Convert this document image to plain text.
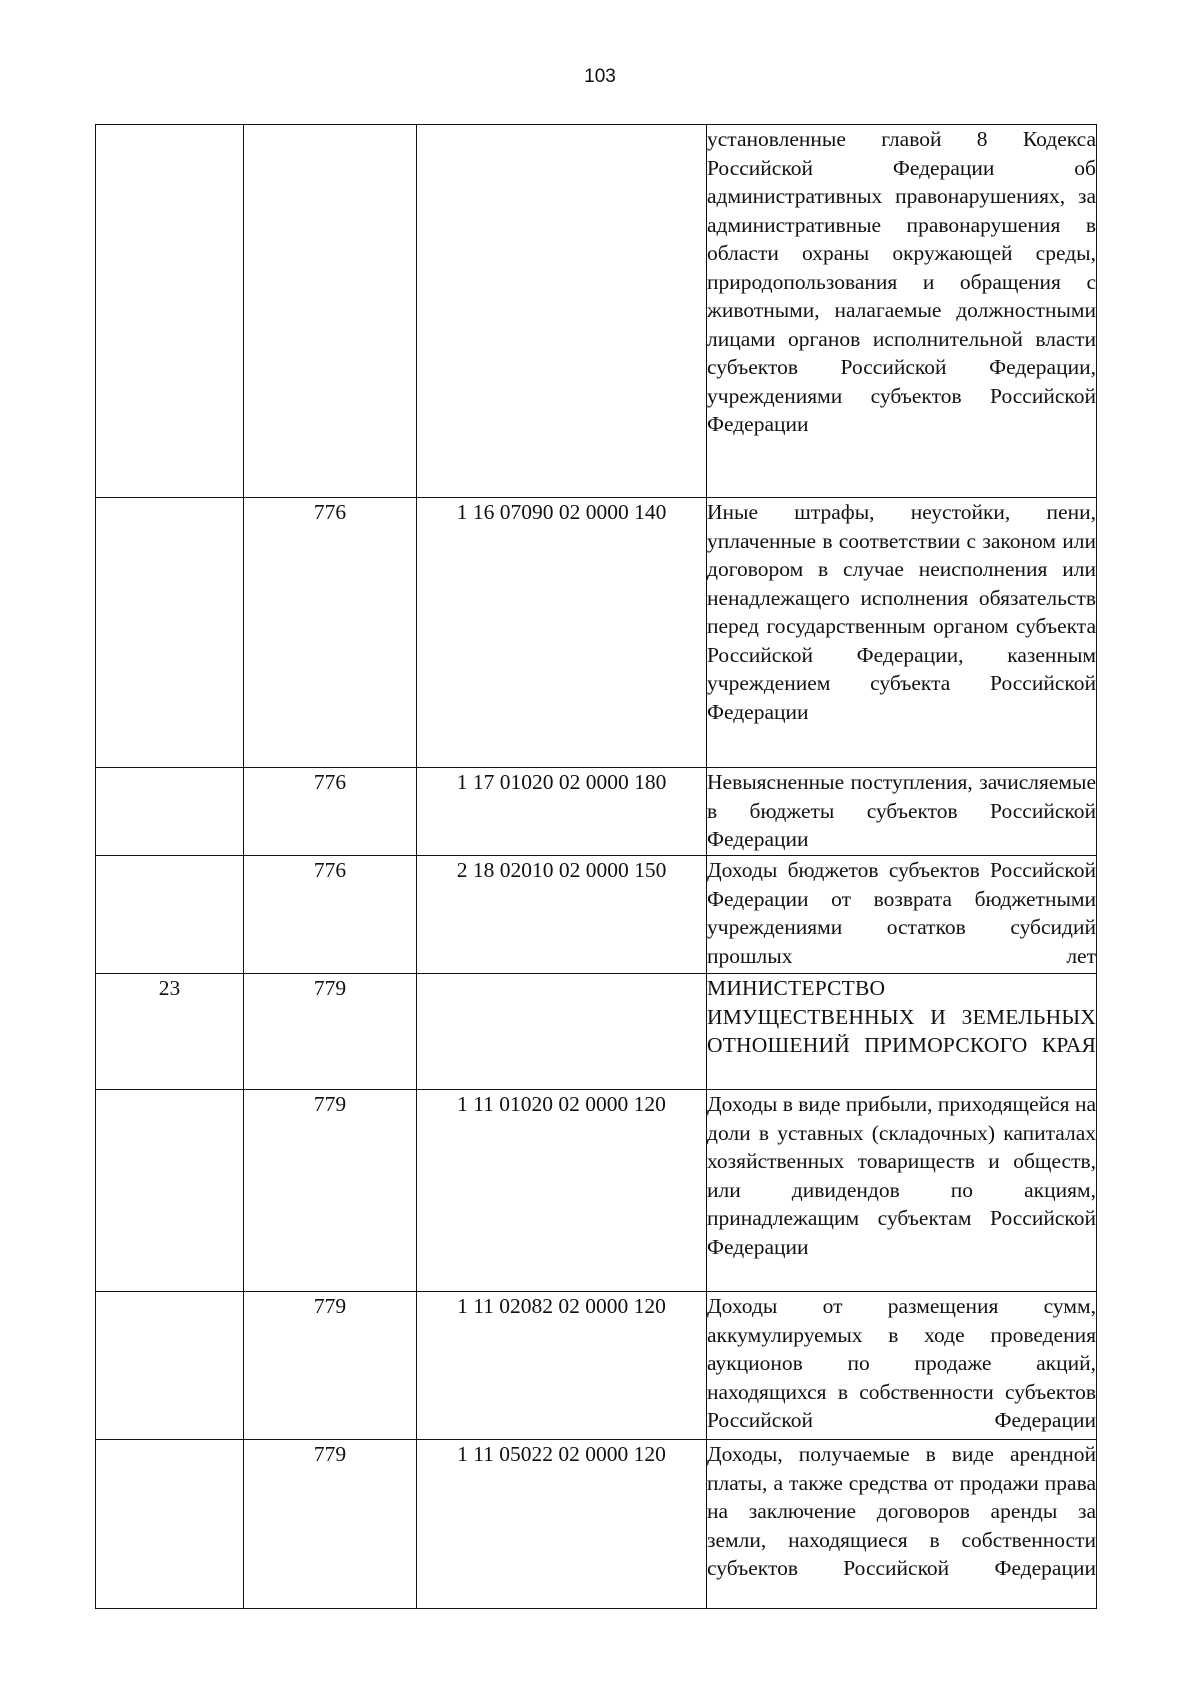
103
			установленные главой 8 Кодекса Российской Федерации об административных правонарушениях, за административные правонарушения в области охраны окружающей среды, природопользования и обращения с животными, налагаемые должностными лицами органов исполнительной власти субъектов Российской Федерации, учреждениями субъектов Российской Федерации
	776	1 16 07090 02 0000 140	Иные штрафы, неустойки, пени, уплаченные в соответствии с законом или договором в случае неисполнения или ненадлежащего исполнения обязательств перед государственным органом субъекта Российской Федерации, казенным учреждением субъекта Российской Федерации
	776	1 17 01020 02 0000 180	Невыясненные поступления, зачисляемые в бюджеты субъектов Российской Федерации
	776	2 18 02010 02 0000 150	Доходы бюджетов субъектов Российской Федерации от возврата бюджетными учреждениями остатков субсидий прошлых лет
23	779		МИНИСТЕРСТВО ИМУЩЕСТВЕННЫХ И ЗЕМЕЛЬНЫХ ОТНОШЕНИЙ ПРИМОРСКОГО КРАЯ
	779	1 11 01020 02 0000 120	Доходы в виде прибыли, приходящейся на доли в уставных (складочных) капиталах хозяйственных товариществ и обществ, или дивидендов по акциям, принадлежащим субъектам Российской Федерации
	779	1 11 02082 02 0000 120	Доходы от размещения сумм, аккумулируемых в ходе проведения аукционов по продаже акций, находящихся в собственности субъектов Российской Федерации
	779	1 11 05022 02 0000 120	Доходы, получаемые в виде арендной платы, а также средства от продажи права на заключение договоров аренды за земли, находящиеся в собственности субъектов Российской Федерации
